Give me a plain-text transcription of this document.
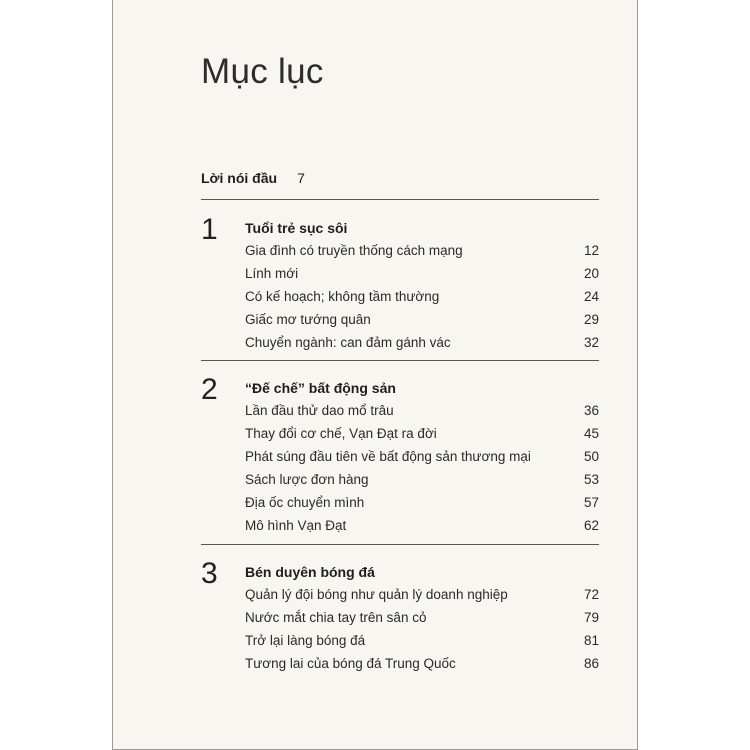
Mục lục
Lời nói đầu 7
1 Tuổi trẻ sục sôi
Gia đình có truyền thống cách mạng	12
Lính mới	20
Có kế hoạch; không tầm thường	24
Giấc mơ tướng quân	29
Chuyển ngành: can đảm gánh vác	32
2 “Đế chế” bất động sản
Lần đầu thử dao mổ trâu	36
Thay đổi cơ chế, Vạn Đạt ra đời	45
Phát súng đầu tiên về bất động sản thương mại	50
Sách lược đơn hàng	53
Địa ốc chuyển mình	57
Mô hình Vạn Đạt	62
3 Bén duyên bóng đá
Quản lý đội bóng như quản lý doanh nghiệp	72
Nước mắt chia tay trên sân cỏ	79
Trở lại làng bóng đá	81
Tương lai của bóng đá Trung Quốc	86
